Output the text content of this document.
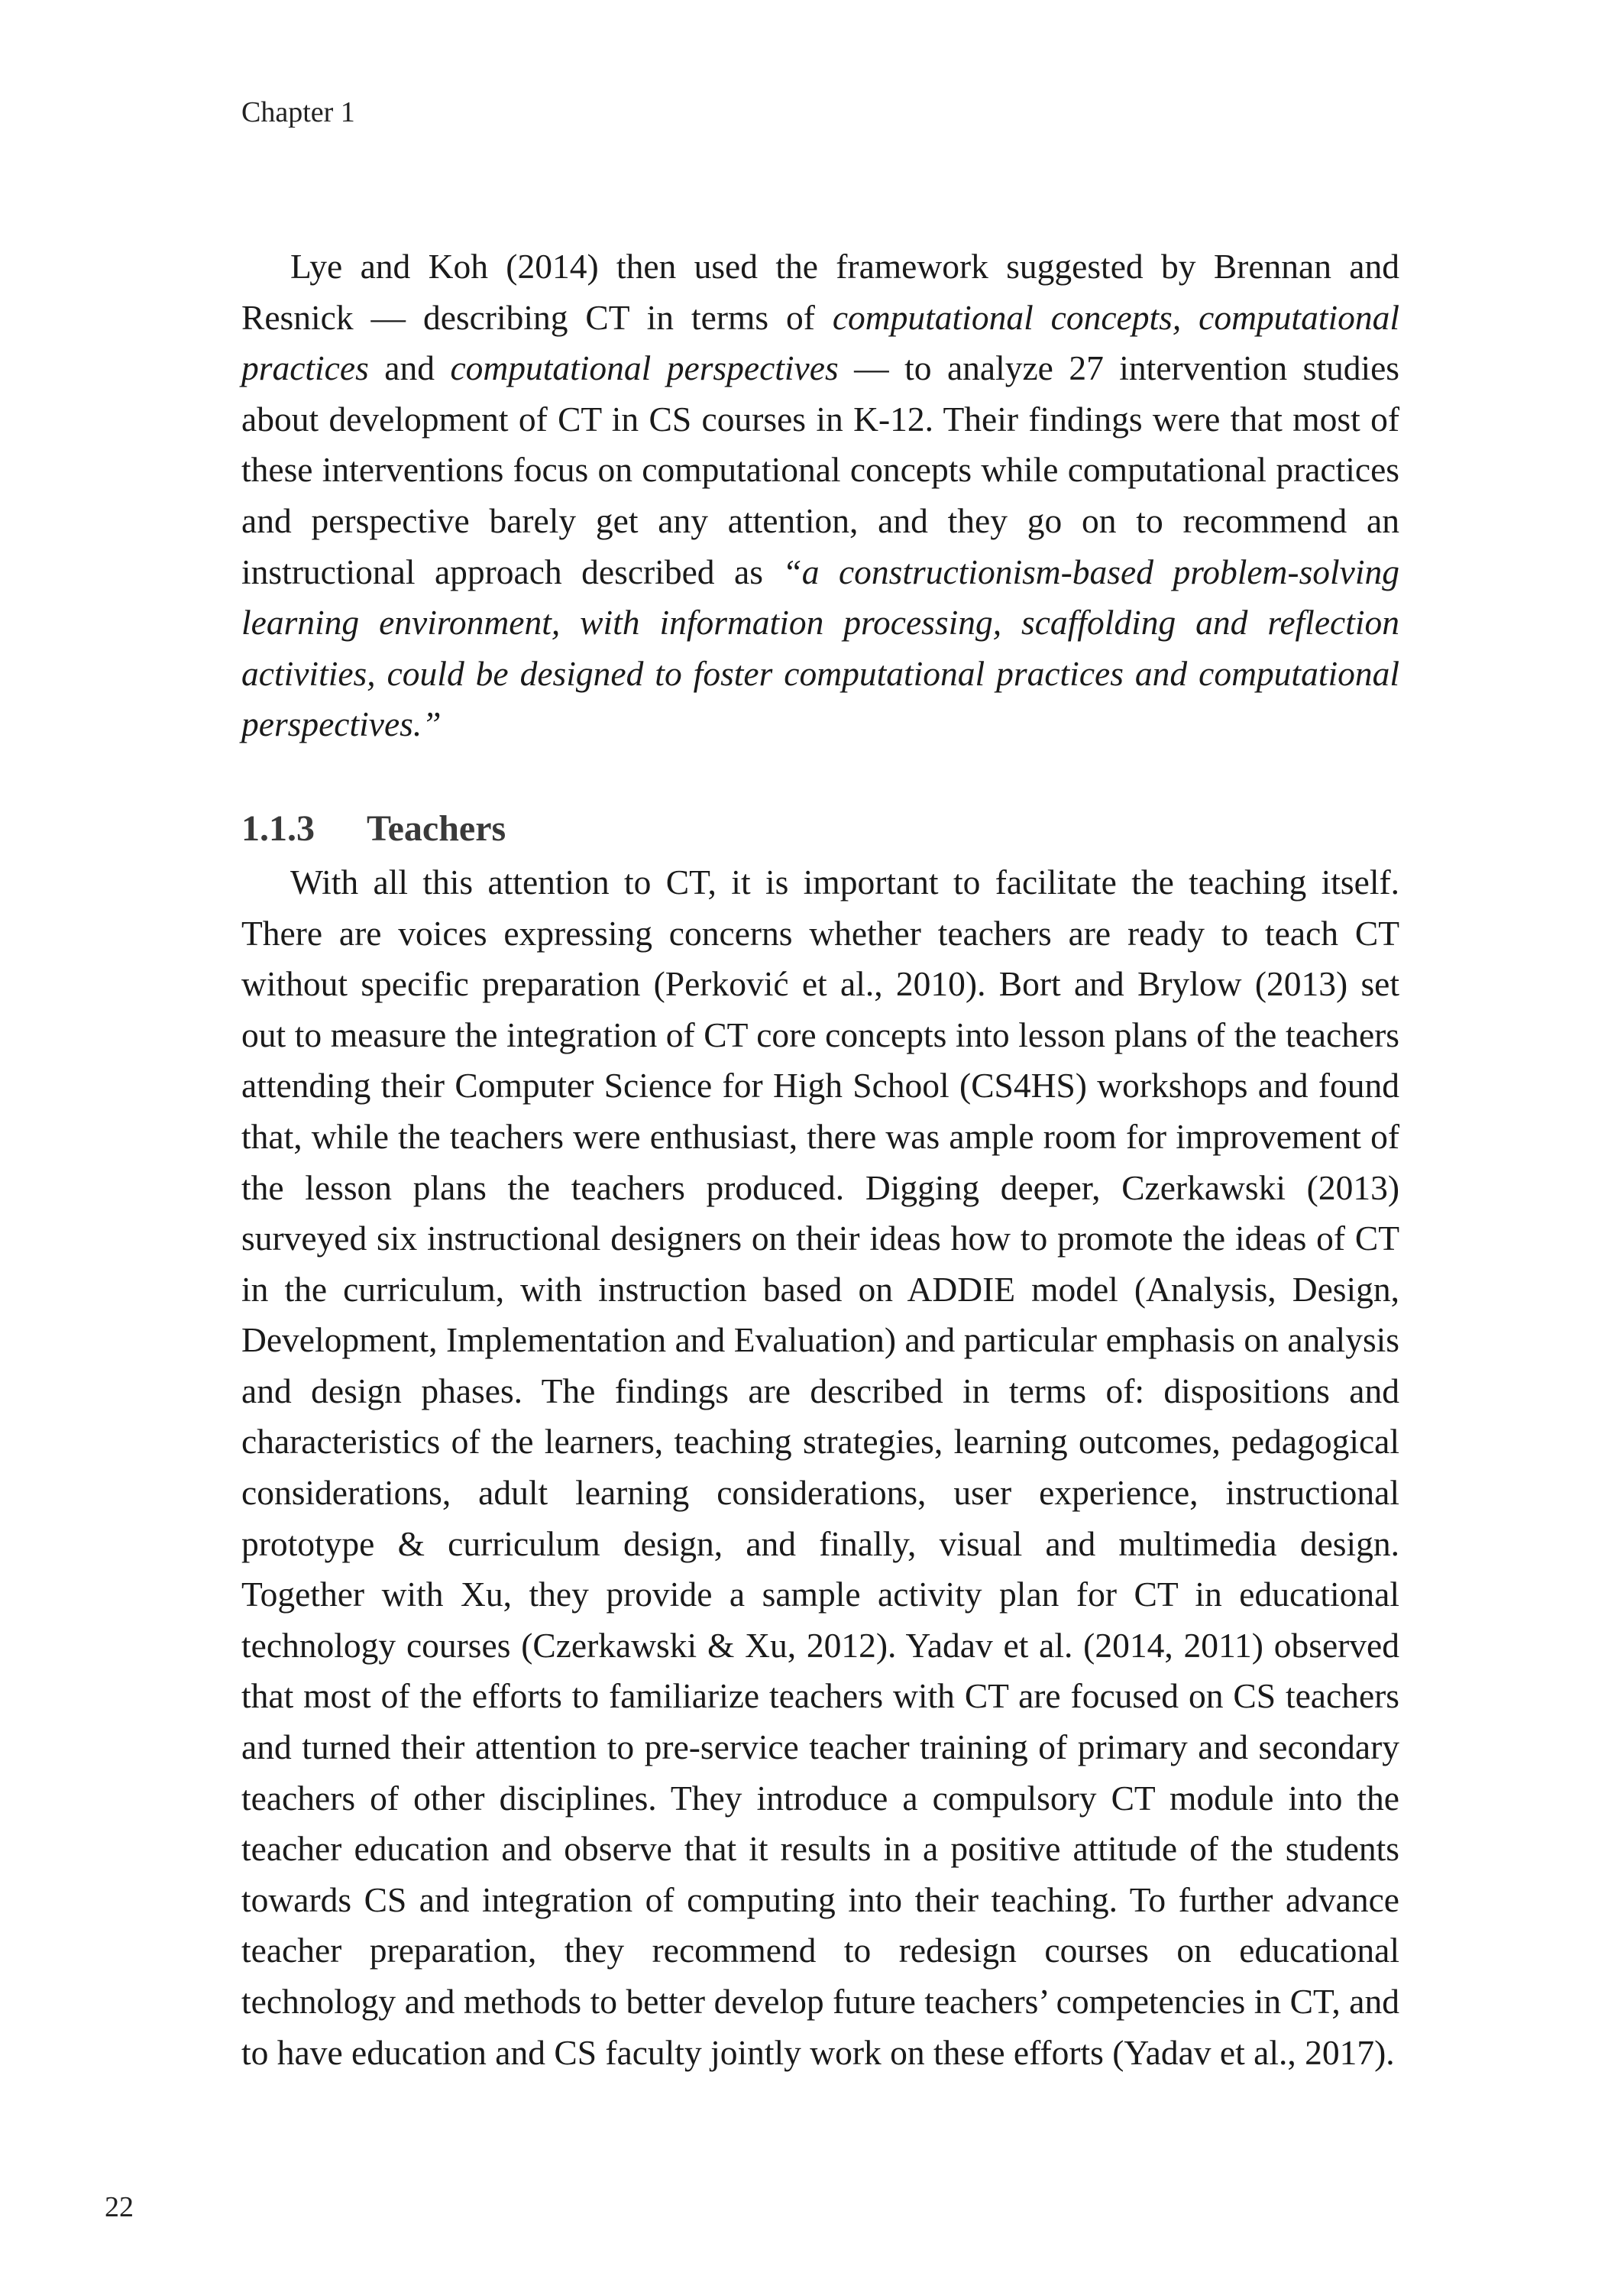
Chapter 1

Lye and Koh (2014) then used the framework suggested by Brennan and Resnick — describing CT in terms of computational concepts, computational practices and computational perspectives — to analyze 27 intervention studies about development of CT in CS courses in K-12. Their findings were that most of these interventions focus on computational concepts while computational practices and perspective barely get any attention, and they go on to recommend an instructional approach described as “a constructionism-based problem-solving learning environment, with information processing, scaffolding and reflection activities, could be designed to foster computational practices and computational perspectives.”

1.1.3 Teachers

With all this attention to CT, it is important to facilitate the teaching itself. There are voices expressing concerns whether teachers are ready to teach CT without specific preparation (Perković et al., 2010). Bort and Brylow (2013) set out to measure the integration of CT core concepts into lesson plans of the teachers attending their Computer Science for High School (CS4HS) workshops and found that, while the teachers were enthusiast, there was ample room for improvement of the lesson plans the teachers produced. Digging deeper, Czerkawski (2013) surveyed six instructional designers on their ideas how to promote the ideas of CT in the curriculum, with instruction based on ADDIE model (Analysis, Design, Development, Implementation and Evaluation) and particular emphasis on analysis and design phases. The findings are described in terms of: dispositions and characteristics of the learners, teaching strategies, learning outcomes, pedagogical considerations, adult learning considerations, user experience, instructional prototype & curriculum design, and finally, visual and multimedia design. Together with Xu, they provide a sample activity plan for CT in educational technology courses (Czerkawski & Xu, 2012). Yadav et al. (2014, 2011) observed that most of the efforts to familiarize teachers with CT are focused on CS teachers and turned their attention to pre-service teacher training of primary and secondary teachers of other disciplines. They introduce a compulsory CT module into the teacher education and observe that it results in a positive attitude of the students towards CS and integration of computing into their teaching. To further advance teacher preparation, they recommend to redesign courses on educational technology and methods to better develop future teachers’ competencies in CT, and to have education and CS faculty jointly work on these efforts (Yadav et al., 2017).

22
